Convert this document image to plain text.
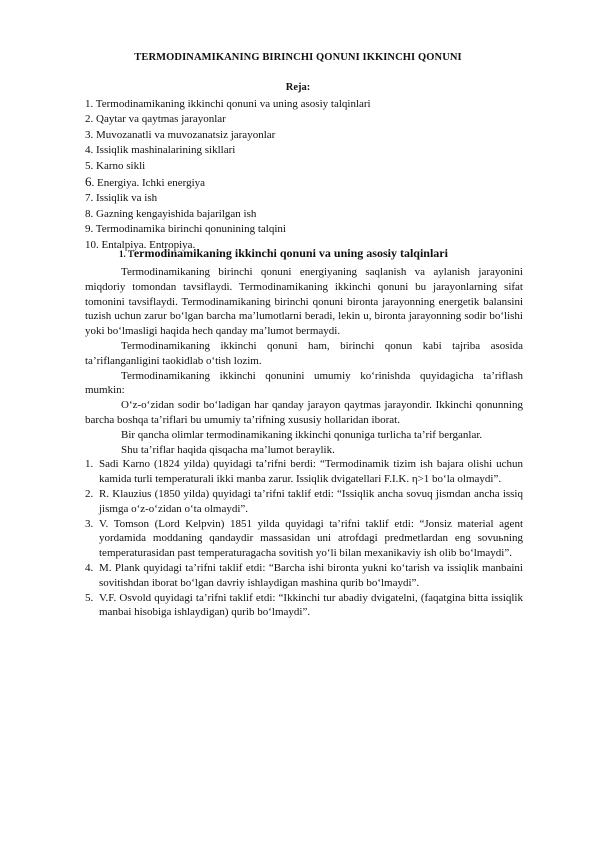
TERMODINAMIKANING BIRINCHI QONUNI IKKINCHI QONUNI
Reja:
1. Termodinamikaning ikkinchi qonuni va uning asosiy talqinlari
2. Qaytar va qaytmas jarayonlar
3. Muvozanatli va muvozanatsiz jarayonlar
4. Issiqlik mashinalarining sikllari
5. Karno sikli
6. Energiya. Ichki energiya
7. Issiqlik va ish
8. Gazning kengayishida bajarilgan ish
9. Termodinamika birinchi qonunining talqini
10. Entalpiya. Entropiya.
1. Termodinamikaning ikkinchi qonuni va uning asosiy talqinlari

Termodinamikaning birinchi qonuni energiyaning saqlanish va aylanish jarayonini miqdoriy tomondan tavsiflaydi. Termodinamikaning ikkinchi qonuni bu jarayonlarning sifat tomonini tavsiflaydi. Termodinamikaning birinchi qonuni bironta jarayonning energetik balansini tuzish uchun zarur bo‘lgan barcha ma’lumotlarni beradi, lekin u, bironta jarayonning sodir bo‘lishi yoki bo‘lmasligi haqida hech qanday ma’lumot bermaydi.

Termodinamikaning ikkinchi qonuni ham, birinchi qonun kabi tajriba asosida ta’riflanganligini taokidlab o‘tish lozim.

Termodinamikaning ikkinchi qonunini umumiy ko‘rinishda quyidagicha ta’riflash mumkin:

O‘z-o‘zidan sodir bo‘ladigan har qanday jarayon qaytmas jarayondir. Ikkinchi qonunning barcha boshqa ta’riflari bu umumiy ta’rifning xususiy hollaridan iborat.

Bir qancha olimlar termodinamikaning ikkinchi qonuniga turlicha ta’rif berganlar.

Shu ta’riflar haqida qisqacha ma’lumot beraylik.

1. Sadi Karno (1824 yilda) quyidagi ta’rifni berdi: “Termodinamik tizim ish bajara olishi uchun kamida turli temperaturali ikki manba zarur. Issiqlik dvigatellari F.I.K. η>1 bo‘la olmaydi”.
2. R. Klauzius (1850 yilda) quyidagi ta’rifni taklif etdi: “Issiqlik ancha sovuq jismdan ancha issiq jismga o‘z-o‘zidan o‘ta olmaydi”.
3. V. Tomson (Lord Kelpvin) 1851 yilda quyidagi ta’rifni taklif etdi: “Jonsiz material agent yordamida moddaning qandaydir massasidan uni atrofdagi predmetlardan eng sovuьning temperaturasidan past temperaturagacha sovitish yo‘li bilan mexanikaviy ish olib bo‘lmaydi”.
4. M. Plank quyidagi ta’rifni taklif etdi: “Barcha ishi bironta yukni ko‘tarish va issiqlik manbaini sovitishdan iborat bo‘lgan davriy ishlaydigan mashina qurib bo‘lmaydi”.
5. V.F. Osvold quyidagi ta’rifni taklif etdi: “Ikkinchi tur abadiy dvigatelni, (faqatgina bitta issiqlik manbai hisobiga ishlaydigan) qurib bo‘lmaydi”.
